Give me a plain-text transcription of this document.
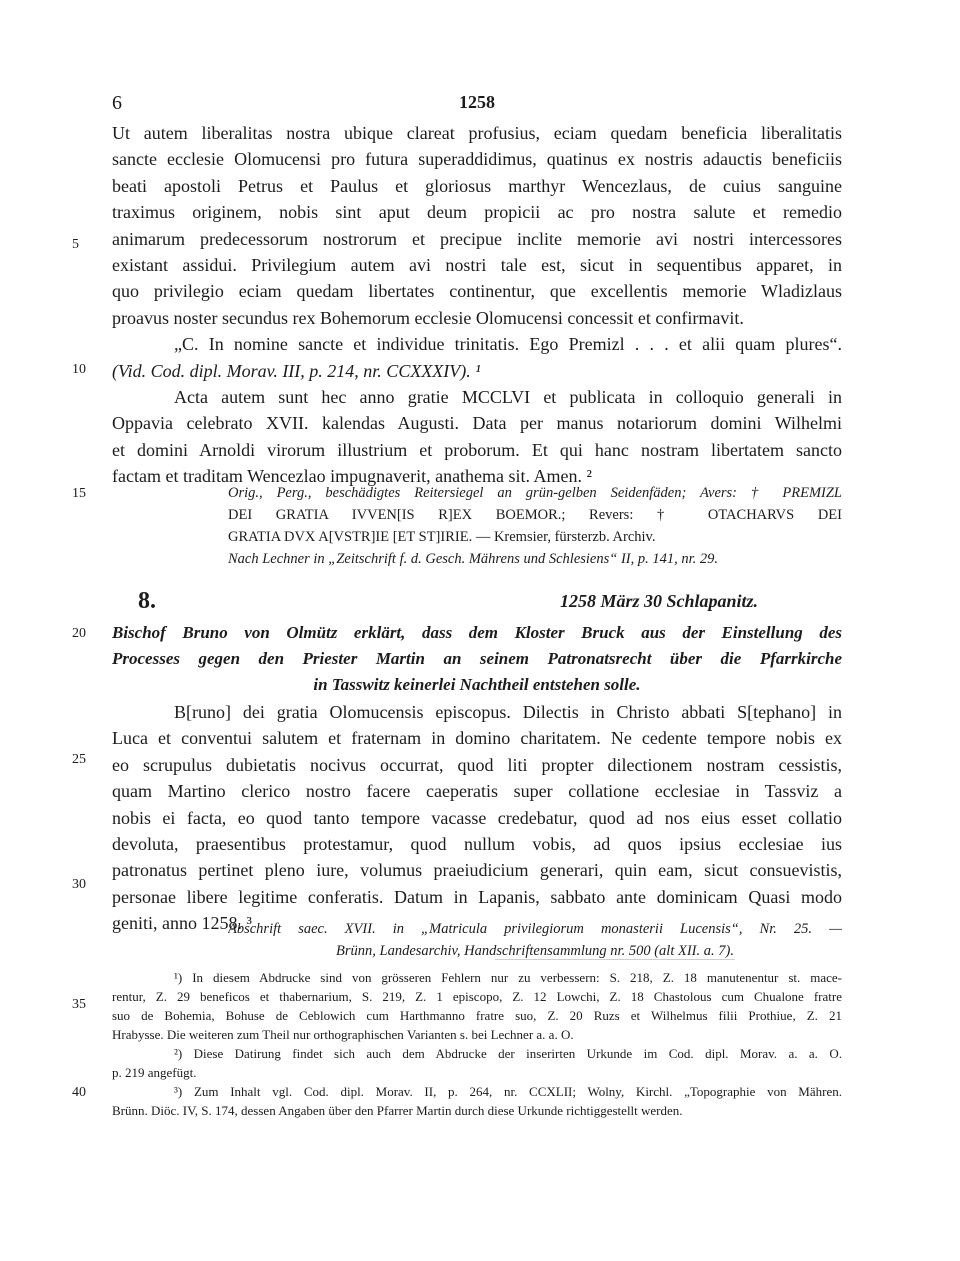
6	1258
5
10
15
20
25
30
35
40
Ut autem liberalitas nostra ubique clareat profusius, eciam quedam beneficia liberalitatis
sancte ecclesie Olomucensi pro futura superaddidimus, quatinus ex nostris adauctis beneficiis
beati apostoli Petrus et Paulus et gloriosus marthyr Wencezlaus, de cuius sanguine
traximus originem, nobis sint aput deum propicii ac pro nostra salute et remedio
animarum predecessorum nostrorum et precipue inclite memorie avi nostri intercessores
existant assidui. Privilegium autem avi nostri tale est, sicut in sequentibus apparet, in
quo privilegio eciam quedam libertates continentur, que excellentis memorie Wladizlaus
proavus noster secundus rex Bohemorum ecclesie Olomucensi concessit et confirmavit.
„C. In nomine sancte et individue trinitatis. Ego Premizl . . . et alii quam plures“.
(Vid. Cod. dipl. Morav. III, p. 214, nr. CCXXXIV). ¹
Acta autem sunt hec anno gratie MCCLVI et publicata in colloquio generali in
Oppavia celebrato XVII. kalendas Augusti. Data per manus notariorum domini Wilhelmi
et domini Arnoldi virorum illustrium et proborum. Et qui hanc nostram libertatem sancto
factam et traditam Wencezlao impugnaverit, anathema sit. Amen. ²
Orig., Perg., beschädigtes Reitersiegel an grün-gelben Seidenfäden; Avers: † PREMIZL
DEI GRATIA IVVEN[IS R]EX BOEMOR.; Revers: † OTACHARVS DEI
GRATIA DVX A[VSTR]IE [ET ST]IRIE. — Kremsier, fürsterzb. Archiv.
Nach Lechner in „Zeitschrift f. d. Gesch. Mährens und Schlesiens“ II, p. 141, nr. 29.
8.	1258 März 30 Schlapanitz.
Bischof Bruno von Olmütz erklärt, dass dem Kloster Bruck aus der Einstellung des
Processes gegen den Priester Martin an seinem Patronatsrecht über die Pfarrkirche
in Tasswitz keinerlei Nachtheil entstehen solle.
B[runo] dei gratia Olomucensis episcopus. Dilectis in Christo abbati S[tephano] in
Luca et conventui salutem et fraternam in domino charitatem. Ne cedente tempore nobis ex
eo scrupulus dubietatis nocivus occurrat, quod liti propter dilectionem nostram cessistis,
quam Martino clerico nostro facere caeperatis super collatione ecclesiae in Tassviz a
nobis ei facta, eo quod tanto tempore vacasse credebatur, quod ad nos eius esset collatio
devoluta, praesentibus protestamur, quod nullum vobis, ad quos ipsius ecclesiae ius
patronatus pertinet pleno iure, volumus praeiudicium generari, quin eam, sicut consuevistis,
personae libere legitime conferatis. Datum in Lapanis, sabbato ante dominicam Quasi modo
geniti, anno 1258. ³
Abschrift saec. XVII. in „Matricula privilegiorum monasterii Lucensis“, Nr. 25. —
Brünn, Landesarchiv, Handschriftensammlung nr. 500 (alt XII. a. 7).
¹) In diesem Abdrucke sind von grösseren Fehlern nur zu verbessern: S. 218, Z. 18 manutenentur st. mace-
rentur, Z. 29 beneficos et thabernarium, S. 219, Z. 1 episcopo, Z. 12 Lowchi, Z. 18 Chastolous cum Chualone fratre
suo de Bohemia, Bohuse de Ceblowich cum Harthmanno fratre suo, Z. 20 Ruzs et Wilhelmus filii Prothiue, Z. 21
Hrabysse. Die weiteren zum Theil nur orthographischen Varianten s. bei Lechner a. a. O.
²) Diese Datirung findet sich auch dem Abdrucke der inserirten Urkunde im Cod. dipl. Morav. a. a. O.
p. 219 angefügt.
³) Zum Inhalt vgl. Cod. dipl. Morav. II, p. 264, nr. CCXLII; Wolny, Kirchl. „Topographie von Mähren.
Brünn. Diöc. IV, S. 174, dessen Angaben über den Pfarrer Martin durch diese Urkunde richtiggestellt werden.
